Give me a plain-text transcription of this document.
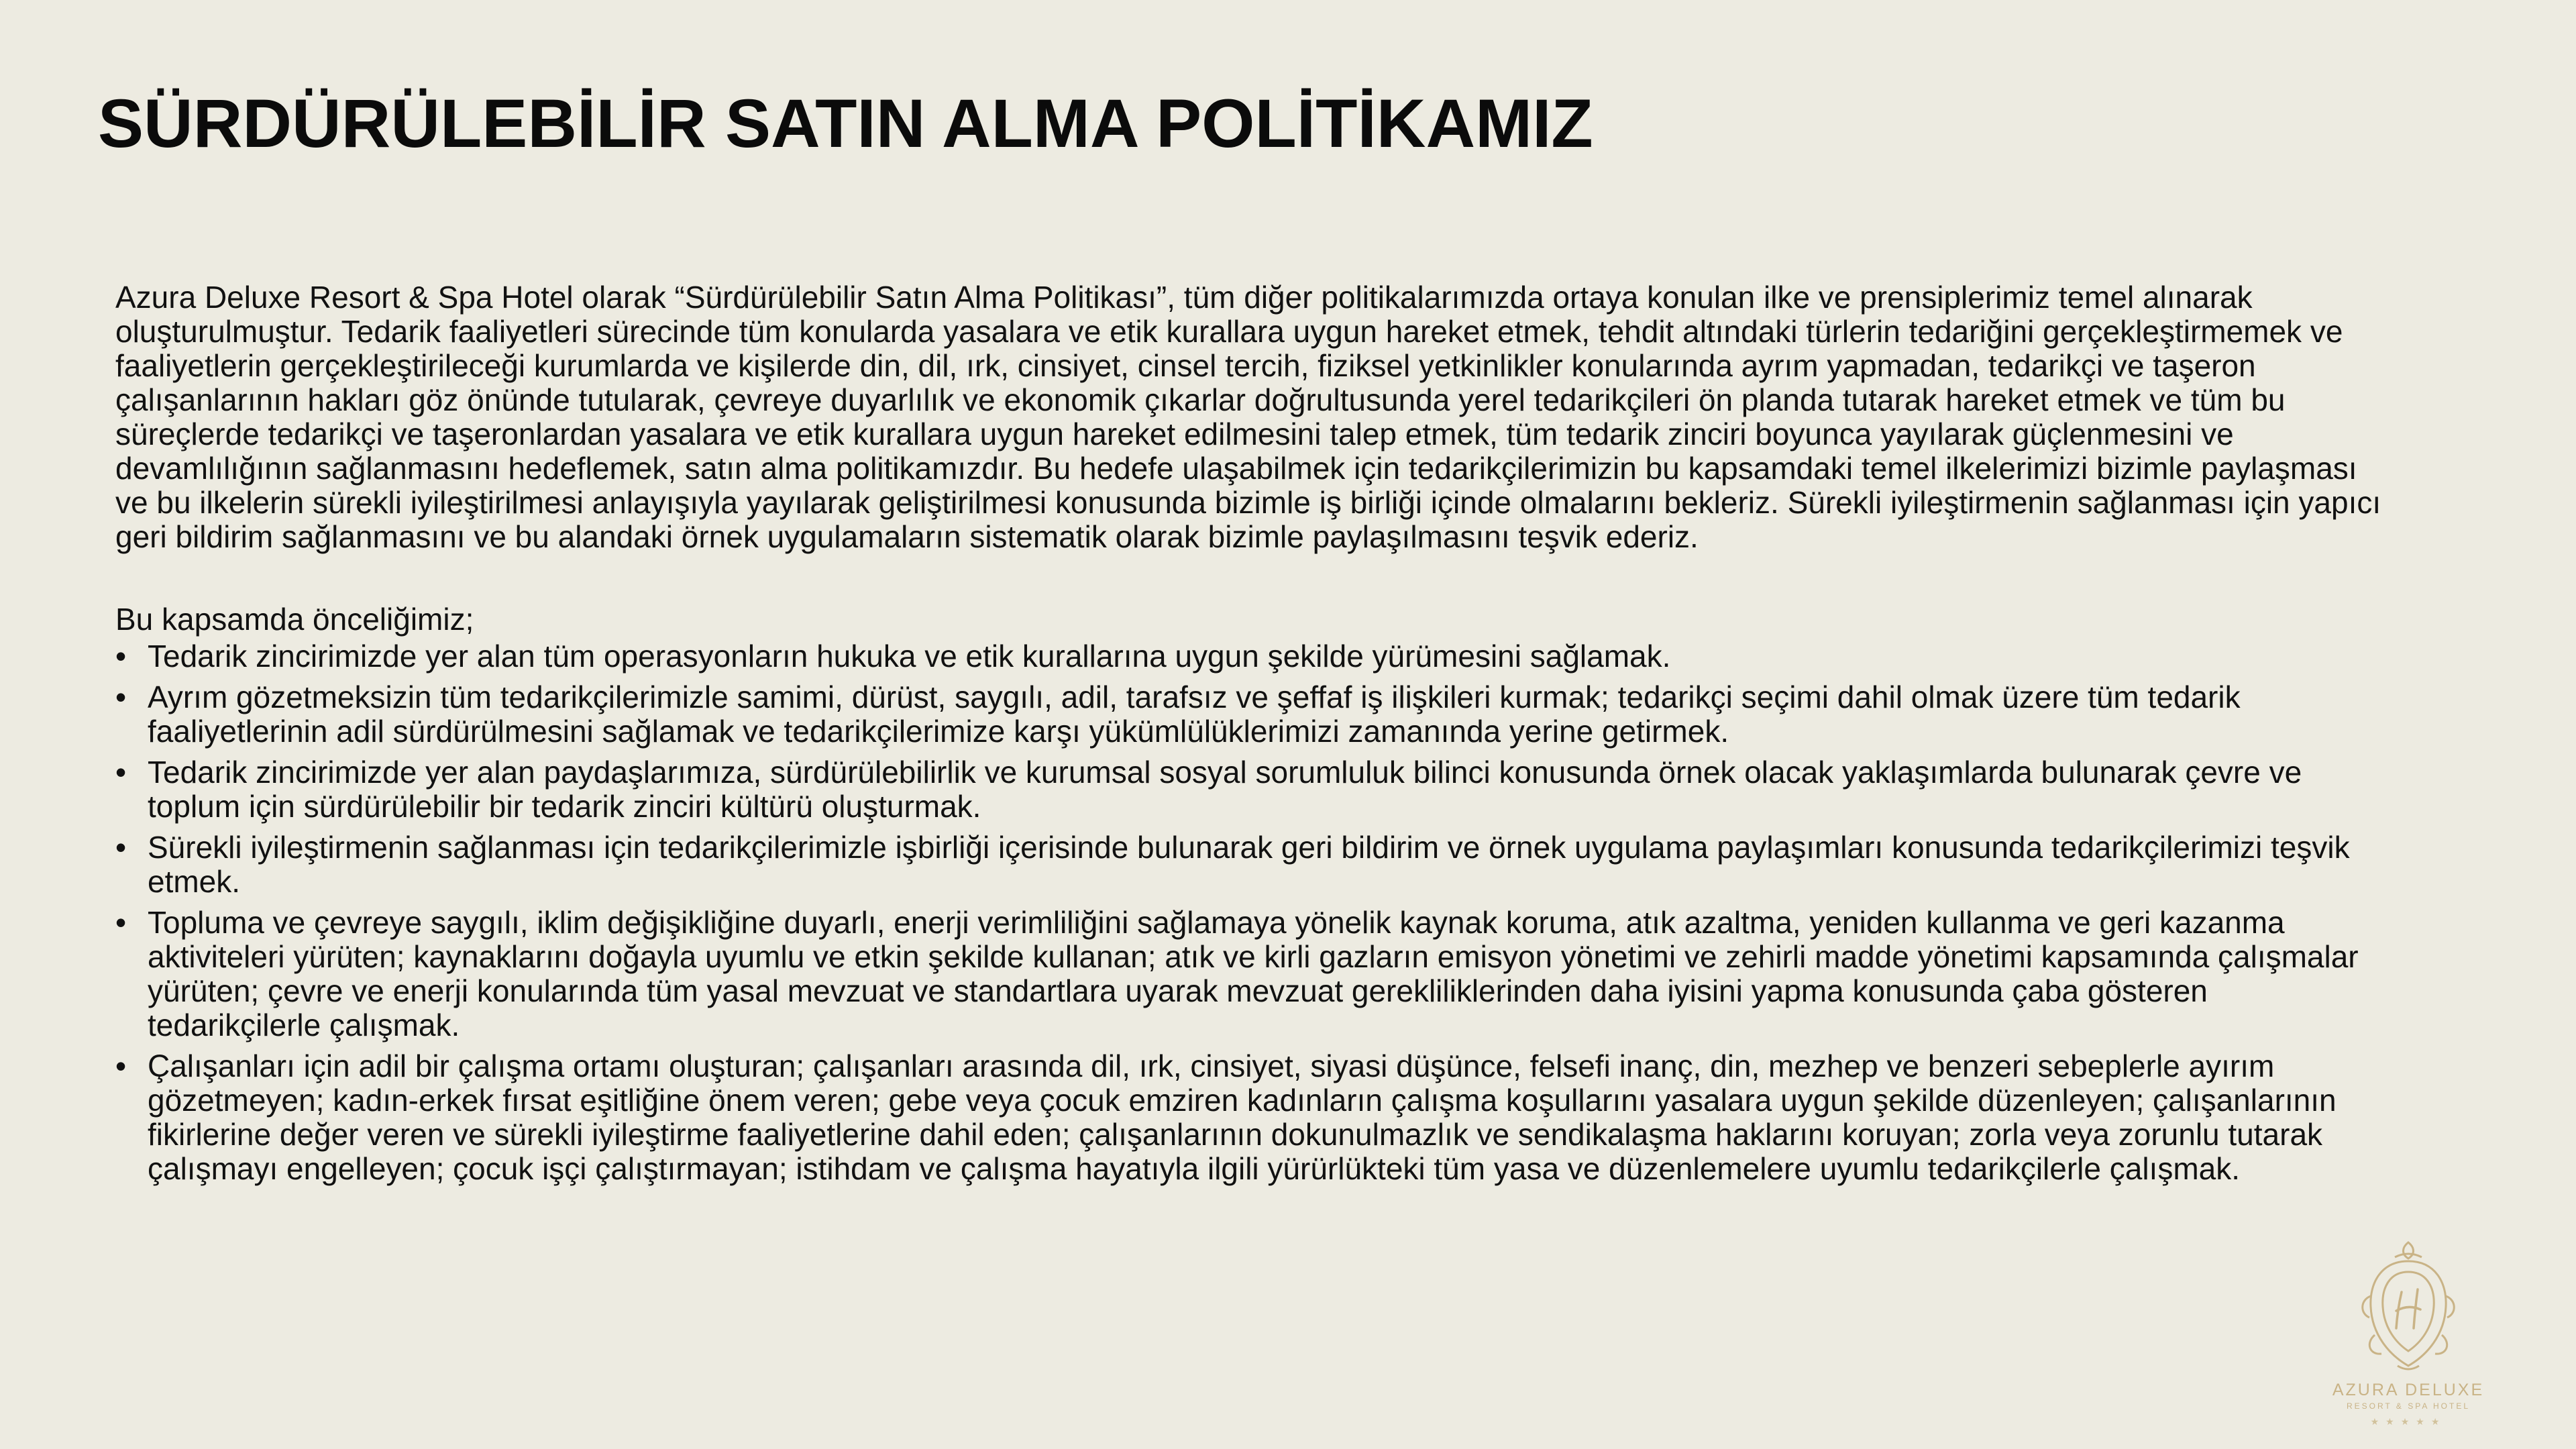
SÜRDÜRÜLEBİLİR SATIN ALMA POLİTİKAMIZ

Azura Deluxe Resort & Spa Hotel olarak “Sürdürülebilir Satın Alma Politikası”, tüm diğer politikalarımızda ortaya konulan ilke ve prensiplerimiz temel alınarak oluşturulmuştur. Tedarik faaliyetleri sürecinde tüm konularda yasalara ve etik kurallara uygun hareket etmek, tehdit altındaki türlerin tedariğini gerçekleştirmemek ve faaliyetlerin gerçekleştirileceği kurumlarda ve kişilerde din, dil, ırk, cinsiyet, cinsel tercih, fiziksel yetkinlikler konularında ayrım yapmadan, tedarikçi ve taşeron çalışanlarının hakları göz önünde tutularak, çevreye duyarlılık ve ekonomik çıkarlar doğrultusunda yerel tedarikçileri ön planda tutarak hareket etmek ve tüm bu süreçlerde tedarikçi ve taşeronlardan yasalara ve etik kurallara uygun hareket edilmesini talep etmek, tüm tedarik zinciri boyunca yayılarak güçlenmesini ve devamlılığının sağlanmasını hedeflemek, satın alma politikamızdır. Bu hedefe ulaşabilmek için tedarikçilerimizin bu kapsamdaki temel ilkelerimizi bizimle paylaşması ve bu ilkelerin sürekli iyileştirilmesi anlayışıyla yayılarak geliştirilmesi konusunda bizimle iş birliği içinde olmalarını bekleriz. Sürekli iyileştirmenin sağlanması için yapıcı geri bildirim sağlanmasını ve bu alandaki örnek uygulamaların sistematik olarak bizimle paylaşılmasını teşvik ederiz.

Bu kapsamda önceliğimiz;

• Tedarik zincirimizde yer alan tüm operasyonların hukuka ve etik kurallarına uygun şekilde yürümesini sağlamak.
• Ayrım gözetmeksizin tüm tedarikçilerimizle samimi, dürüst, saygılı, adil, tarafsız ve şeffaf iş ilişkileri kurmak; tedarikçi seçimi dahil olmak üzere tüm tedarik faaliyetlerinin adil sürdürülmesini sağlamak ve tedarikçilerimize karşı yükümlülüklerimizi zamanında yerine getirmek.
• Tedarik zincirimizde yer alan paydaşlarımıza, sürdürülebilirlik ve kurumsal sosyal sorumluluk bilinci konusunda örnek olacak yaklaşımlarda bulunarak çevre ve toplum için sürdürülebilir bir tedarik zinciri kültürü oluşturmak.
• Sürekli iyileştirmenin sağlanması için tedarikçilerimizle işbirliği içerisinde bulunarak geri bildirim ve örnek uygulama paylaşımları konusunda tedarikçilerimizi teşvik etmek.
• Topluma ve çevreye saygılı, iklim değişikliğine duyarlı, enerji verimliliğini sağlamaya yönelik kaynak koruma, atık azaltma, yeniden kullanma ve geri kazanma aktiviteleri yürüten; kaynaklarını doğayla uyumlu ve etkin şekilde kullanan; atık ve kirli gazların emisyon yönetimi ve zehirli madde yönetimi kapsamında çalışmalar yürüten; çevre ve enerji konularında tüm yasal mevzuat ve standartlara uyarak mevzuat gerekliliklerinden daha iyisini yapma konusunda çaba gösteren tedarikçilerle çalışmak.
• Çalışanları için adil bir çalışma ortamı oluşturan; çalışanları arasında dil, ırk, cinsiyet, siyasi düşünce, felsefi inanç, din, mezhep ve benzeri sebeplerle ayırım gözetmeyen; kadın-erkek fırsat eşitliğine önem veren; gebe veya çocuk emziren kadınların çalışma koşullarını yasalara uygun şekilde düzenleyen; çalışanlarının fikirlerine değer veren ve sürekli iyileştirme faaliyetlerine dahil eden; çalışanlarının dokunulmazlık ve sendikalaşma haklarını koruyan; zorla veya zorunlu tutarak çalışmayı engelleyen; çocuk işçi çalıştırmayan; istihdam ve çalışma hayatıyla ilgili yürürlükteki tüm yasa ve düzenlemelere uyumlu tedarikçilerle çalışmak.
AZURA DELUXE
RESORT & SPA HOTEL
★★★★★
